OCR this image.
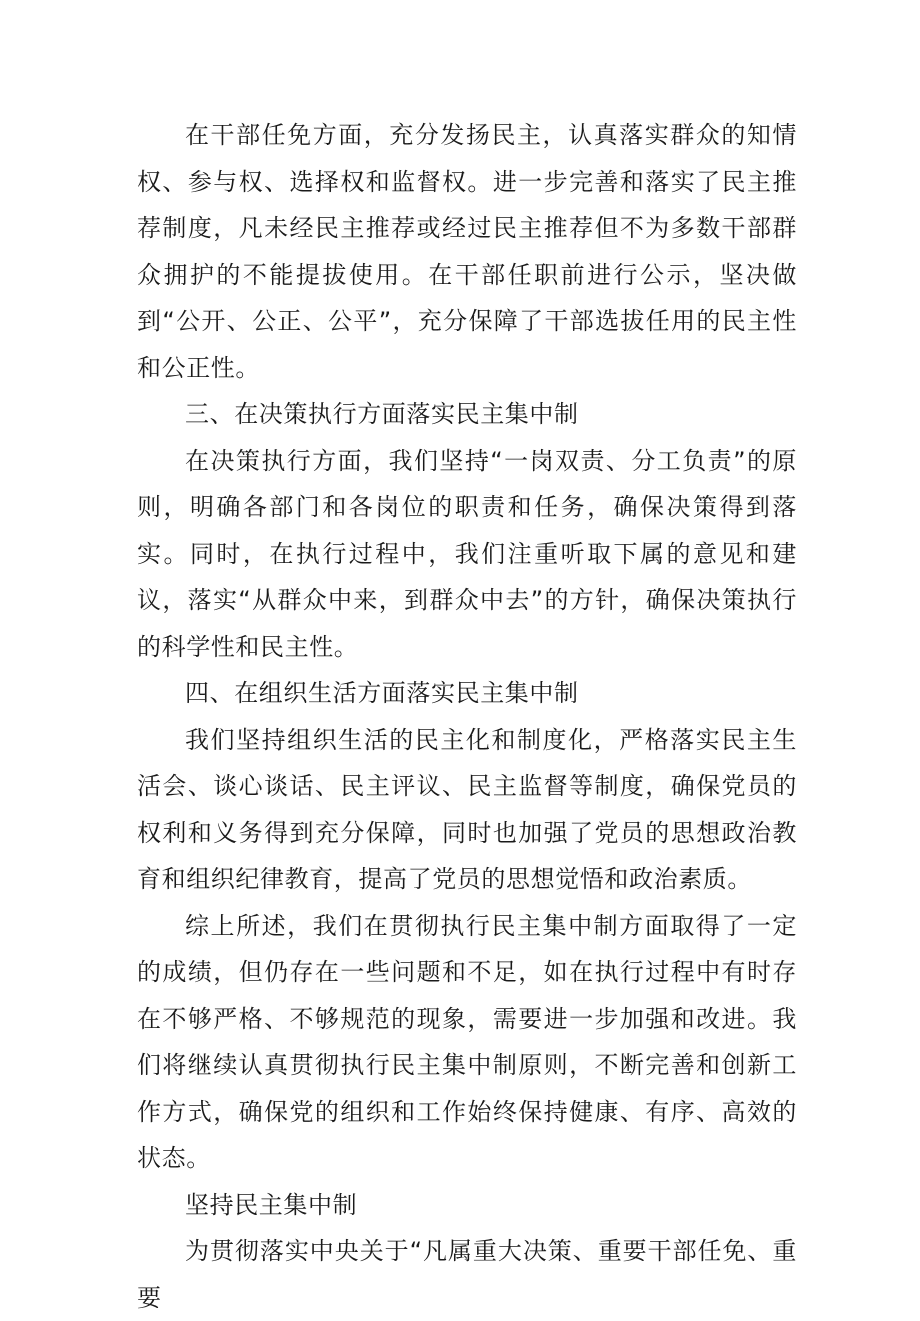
在干部任免方面，充分发扬民主，认真落实群众的知情权、参与权、选择权和监督权。进一步完善和落实了民主推荐制度，凡未经民主推荐或经过民主推荐但不为多数干部群众拥护的不能提拔使用。在干部任职前进行公示，坚决做到“公开、公正、公平”，充分保障了干部选拔任用的民主性和公正性。

三、在决策执行方面落实民主集中制

在决策执行方面，我们坚持“一岗双责、分工负责”的原则，明确各部门和各岗位的职责和任务，确保决策得到落实。同时，在执行过程中，我们注重听取下属的意见和建议，落实“从群众中来，到群众中去”的方针，确保决策执行的科学性和民主性。

四、在组织生活方面落实民主集中制

我们坚持组织生活的民主化和制度化，严格落实民主生活会、谈心谈话、民主评议、民主监督等制度，确保党员的权利和义务得到充分保障，同时也加强了党员的思想政治教育和组织纪律教育，提高了党员的思想觉悟和政治素质。

综上所述，我们在贯彻执行民主集中制方面取得了一定的成绩，但仍存在一些问题和不足，如在执行过程中有时存在不够严格、不够规范的现象，需要进一步加强和改进。我们将继续认真贯彻执行民主集中制原则，不断完善和创新工作方式，确保党的组织和工作始终保持健康、有序、高效的状态。

坚持民主集中制

为贯彻落实中央关于“凡属重大决策、重要干部任免、重要
